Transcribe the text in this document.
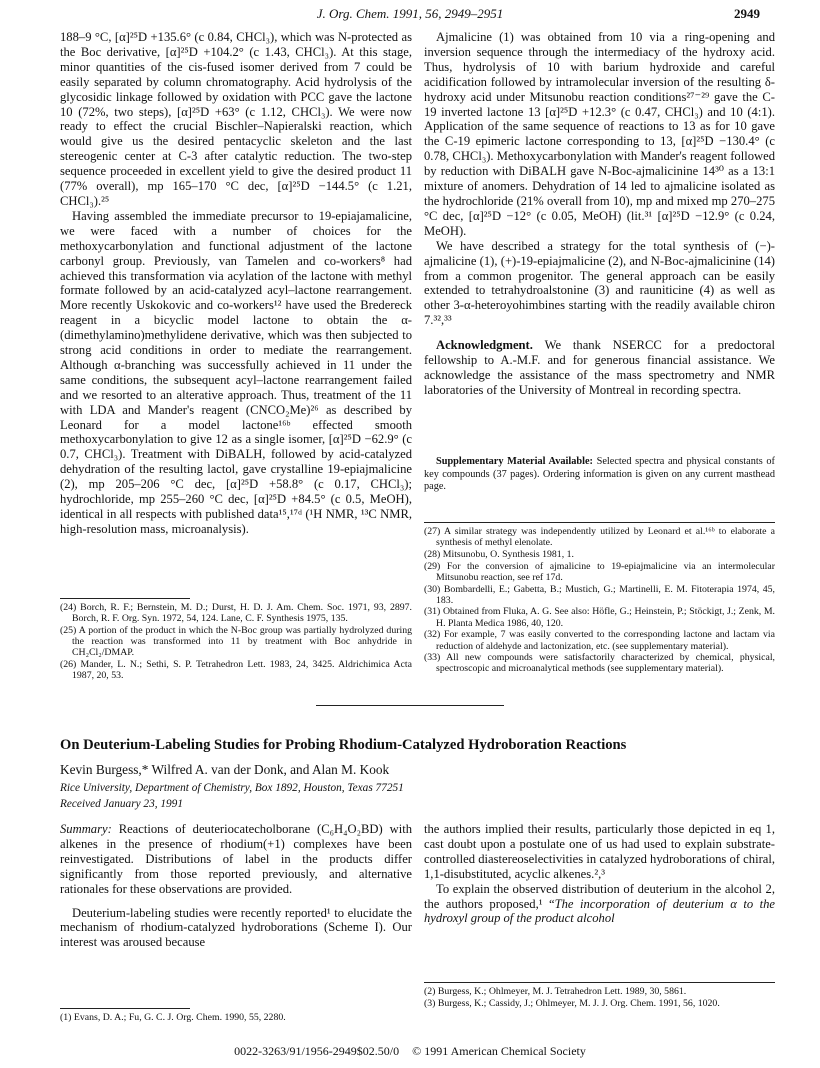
J. Org. Chem. 1991, 56, 2949–2951	2949

188–9 °C, [α]²⁵D +135.6° (c 0.84, CHCl₃), which was N-protected as the Boc derivative, [α]²⁵D +104.2° (c 1.43, CHCl₃). At this stage, minor quantities of the cis-fused isomer derived from 7 could be easily separated by column chromatography. Acid hydrolysis of the glycosidic linkage followed by oxidation with PCC gave the lactone 10 (72%, two steps), [α]²⁵D +63° (c 1.12, CHCl₃). We were now ready to effect the crucial Bischler–Napieralski reaction, which would give us the desired pentacyclic skeleton and the last stereogenic center at C-3 after catalytic reduction. The two-step sequence proceeded in excellent yield to give the desired product 11 (77% overall), mp 165–170 °C dec, [α]²⁵D −144.5° (c 1.21, CHCl₃).²⁵

Having assembled the immediate precursor to 19-epiajamalicine, we were faced with a number of choices for the methoxycarbonylation and functional adjustment of the lactone carbonyl group. Previously, van Tamelen and co-workers⁸ had achieved this transformation via acylation of the lactone with methyl formate followed by an acid-catalyzed acyl–lactone rearrangement. More recently Uskokovic and co-workers¹² have used the Bredereck reagent in a bicyclic model lactone to obtain the α-(dimethylamino)methylidene derivative, which was then subjected to strong acid conditions in order to mediate the rearrangement. Although α-branching was successfully achieved in 11 under the same conditions, the subsequent acyl–lactone rearrangement failed and we resorted to an alterative approach. Thus, treatment of the 11 with LDA and Mander's reagent (CNCO₂Me)²⁶ as described by Leonard for a model lactone¹⁶ᵇ effected smooth methoxycarbonylation to give 12 as a single isomer, [α]²⁵D −62.9° (c 0.7, CHCl₃). Treatment with DiBALH, followed by acid-catalyzed dehydration of the resulting lactol, gave crystalline 19-epiajmalicine (2), mp 205–206 °C dec, [α]²⁵D +58.8° (c 0.17, CHCl₃); hydrochloride, mp 255–260 °C dec, [α]²⁵D +84.5° (c 0.5, MeOH), identical in all respects with published data¹⁵,¹⁷ᵈ (¹H NMR, ¹³C NMR, high-resolution mass, microanalysis).

Ajmalicine (1) was obtained from 10 via a ring-opening and inversion sequence through the intermediacy of the hydroxy acid. Thus, hydrolysis of 10 with barium hydroxide and careful acidification followed by intramolecular inversion of the resulting δ-hydroxy acid under Mitsunobu reaction conditions²⁷⁻²⁹ gave the C-19 inverted lactone 13 [α]²⁵D +12.3° (c 0.47, CHCl₃) and 10 (4:1). Application of the same sequence of reactions to 13 as for 10 gave the C-19 epimeric lactone corresponding to 13, [α]²⁵D −130.4° (c 0.78, CHCl₃). Methoxycarbonylation with Mander's reagent followed by reduction with DiBALH gave N-Boc-ajmalicinine 14³⁰ as a 13:1 mixture of anomers. Dehydration of 14 led to ajmalicine isolated as the hydrochloride (21% overall from 10), mp and mixed mp 270–275 °C dec, [α]²⁵D −12° (c 0.05, MeOH) (lit.³¹ [α]²⁵D −12.9° (c 0.24, MeOH).

We have described a strategy for the total synthesis of (−)-ajmalicine (1), (+)-19-epiajmalicine (2), and N-Boc-ajmalicinine (14) from a common progenitor. The general approach can be easily extended to tetrahydroalstonine (3) and rauniticine (4) as well as other 3-α-heteroyohimbines starting with the readily available chiron 7.³²,³³

Acknowledgment. We thank NSERCC for a predoctoral fellowship to A.-M.F. and for generous financial assistance. We acknowledge the assistance of the mass spectrometry and NMR laboratories of the University of Montreal in recording spectra.

Supplementary Material Available: Selected spectra and physical constants of key compounds (37 pages). Ordering information is given on any current masthead page.

(24) Borch, R. F.; Bernstein, M. D.; Durst, H. D. J. Am. Chem. Soc. 1971, 93, 2897. Borch, R. F. Org. Syn. 1972, 54, 124. Lane, C. F. Synthesis 1975, 135.

(25) A portion of the product in which the N-Boc group was partially hydrolyzed during the reaction was transformed into 11 by treatment with Boc anhydride in CH₂Cl₂/DMAP.

(26) Mander, L. N.; Sethi, S. P. Tetrahedron Lett. 1983, 24, 3425. Aldrichimica Acta 1987, 20, 53.

(27) A similar strategy was independently utilized by Leonard et al.¹⁶ᵇ to elaborate a synthesis of methyl elenolate.

(28) Mitsunobu, O. Synthesis 1981, 1.

(29) For the conversion of ajmalicine to 19-epiajmalicine via an intermolecular Mitsunobu reaction, see ref 17d.

(30) Bombardelli, E.; Gabetta, B.; Mustich, G.; Martinelli, E. M. Fitoterapia 1974, 45, 183.

(31) Obtained from Fluka, A. G. See also: Höfle, G.; Heinstein, P.; Stöckigt, J.; Zenk, M. H. Planta Medica 1986, 40, 120.

(32) For example, 7 was easily converted to the corresponding lactone and lactam via reduction of aldehyde and lactonization, etc. (see supplementary material).

(33) All new compounds were satisfactorily characterized by chemical, physical, spectroscopic and microanalytical methods (see supplementary material).

On Deuterium-Labeling Studies for Probing Rhodium-Catalyzed Hydroboration Reactions
Kevin Burgess,* Wilfred A. van der Donk, and Alan M. Kook
Rice University, Department of Chemistry, Box 1892, Houston, Texas 77251
Received January 23, 1991

Summary: Reactions of deuteriocatecholborane (C₆H₄O₂BD) with alkenes in the presence of rhodium(+1) complexes have been reinvestigated. Distributions of label in the products differ significantly from those reported previously, and alternative rationales for these observations are provided.

Deuterium-labeling studies were recently reported¹ to elucidate the mechanism of rhodium-catalyzed hydroborations (Scheme I). Our interest was aroused because

(1) Evans, D. A.; Fu, G. C. J. Org. Chem. 1990, 55, 2280.

the authors implied their results, particularly those depicted in eq 1, cast doubt upon a postulate one of us had used to explain substrate-controlled diastereoselectivities in catalyzed hydroborations of chiral, 1,1-disubstituted, acyclic alkenes.²,³

To explain the observed distribution of deuterium in the alcohol 2, the authors proposed,¹ “The incorporation of deuterium α to the hydroxyl group of the product alcohol

(2) Burgess, K.; Ohlmeyer, M. J. Tetrahedron Lett. 1989, 30, 5861.

(3) Burgess, K.; Cassidy, J.; Ohlmeyer, M. J. J. Org. Chem. 1991, 56, 1020.

0022-3263/91/1956-2949$02.50/0 © 1991 American Chemical Society
